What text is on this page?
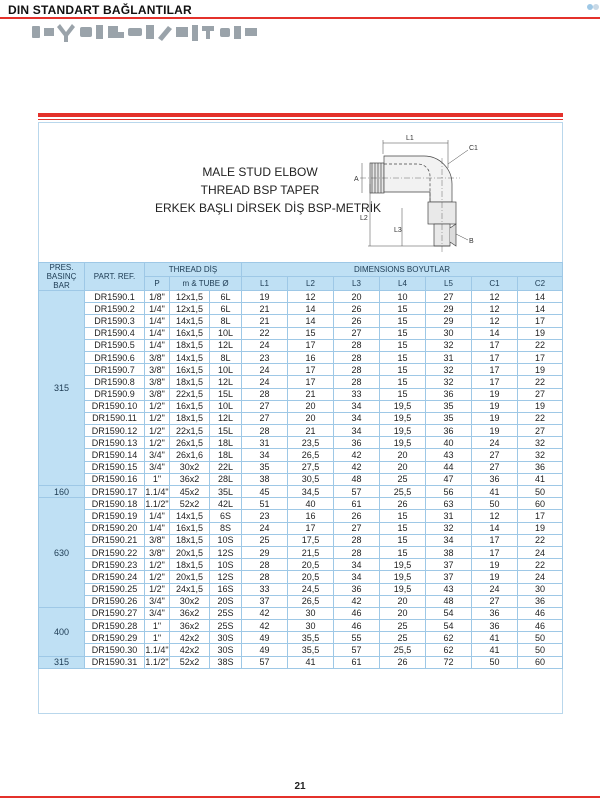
DIN STANDART BAĞLANTILAR
MALE STUD ELBOW
THREAD BSP TAPER
ERKEK BAŞLI DİRSEK DİŞ BSP-METRİK
L1
A
L2
L3
C1
B
PRES. BASINÇ BAR	PART. REF.	THREAD DİŞ			DIMENSIONS BOYUTLAR						
		P	m & TUBE Ø		L1	L2	L3	L4	L5	C1	C2
315	DR1590.1	1/8"	12x1,5	6L	19	12	20	10	27	12	14
	DR1590.2	1/4"	12x1,5	6L	21	14	26	15	29	12	14
	DR1590.3	1/4"	14x1,5	8L	21	14	26	15	29	12	17
	DR1590.4	1/4"	16x1,5	10L	22	15	27	15	30	14	19
	DR1590.5	1/4"	18x1,5	12L	24	17	28	15	32	17	22
	DR1590.6	3/8"	14x1,5	8L	23	16	28	15	31	17	17
	DR1590.7	3/8"	16x1,5	10L	24	17	28	15	32	17	19
	DR1590.8	3/8"	18x1,5	12L	24	17	28	15	32	17	22
	DR1590.9	3/8"	22x1,5	15L	28	21	33	15	36	19	27
	DR1590.10	1/2"	16x1,5	10L	27	20	34	19,5	35	19	19
	DR1590.11	1/2"	18x1,5	12L	27	20	34	19,5	35	19	22
	DR1590.12	1/2"	22x1,5	15L	28	21	34	19,5	36	19	27
	DR1590.13	1/2"	26x1,5	18L	31	23,5	36	19,5	40	24	32
	DR1590.14	3/4"	26x1,6	18L	34	26,5	42	20	43	27	32
	DR1590.15	3/4"	30x2	22L	35	27,5	42	20	44	27	36
	DR1590.16	1"	36x2	28L	38	30,5	48	25	47	36	41
160	DR1590.17	1.1/4"	45x2	35L	45	34,5	57	25,5	56	41	50
630	DR1590.18	1.1/2"	52x2	42L	51	40	61	26	63	50	60
	DR1590.19	1/4"	14x1,5	6S	23	16	26	15	31	12	17
	DR1590.20	1/4"	16x1,5	8S	24	17	27	15	32	14	19
	DR1590.21	3/8"	18x1,5	10S	25	17,5	28	15	34	17	22
	DR1590.22	3/8"	20x1,5	12S	29	21,5	28	15	38	17	24
	DR1590.23	1/2"	18x1,5	10S	28	20,5	34	19,5	37	19	22
	DR1590.24	1/2"	20x1,5	12S	28	20,5	34	19,5	37	19	24
	DR1590.25	1/2"	24x1,5	16S	33	24,5	36	19,5	43	24	30
	DR1590.26	3/4"	30x2	20S	37	26,5	42	20	48	27	36
400	DR1590.27	3/4"	36x2	25S	42	30	46	20	54	36	46
	DR1590.28	1"	36x2	25S	42	30	46	25	54	36	46
	DR1590.29	1"	42x2	30S	49	35,5	55	25	62	41	50
	DR1590.30	1.1/4"	42x2	30S	49	35,5	57	25,5	62	41	50
315	DR1590.31	1.1/2"	52x2	38S	57	41	61	26	72	50	60
21
